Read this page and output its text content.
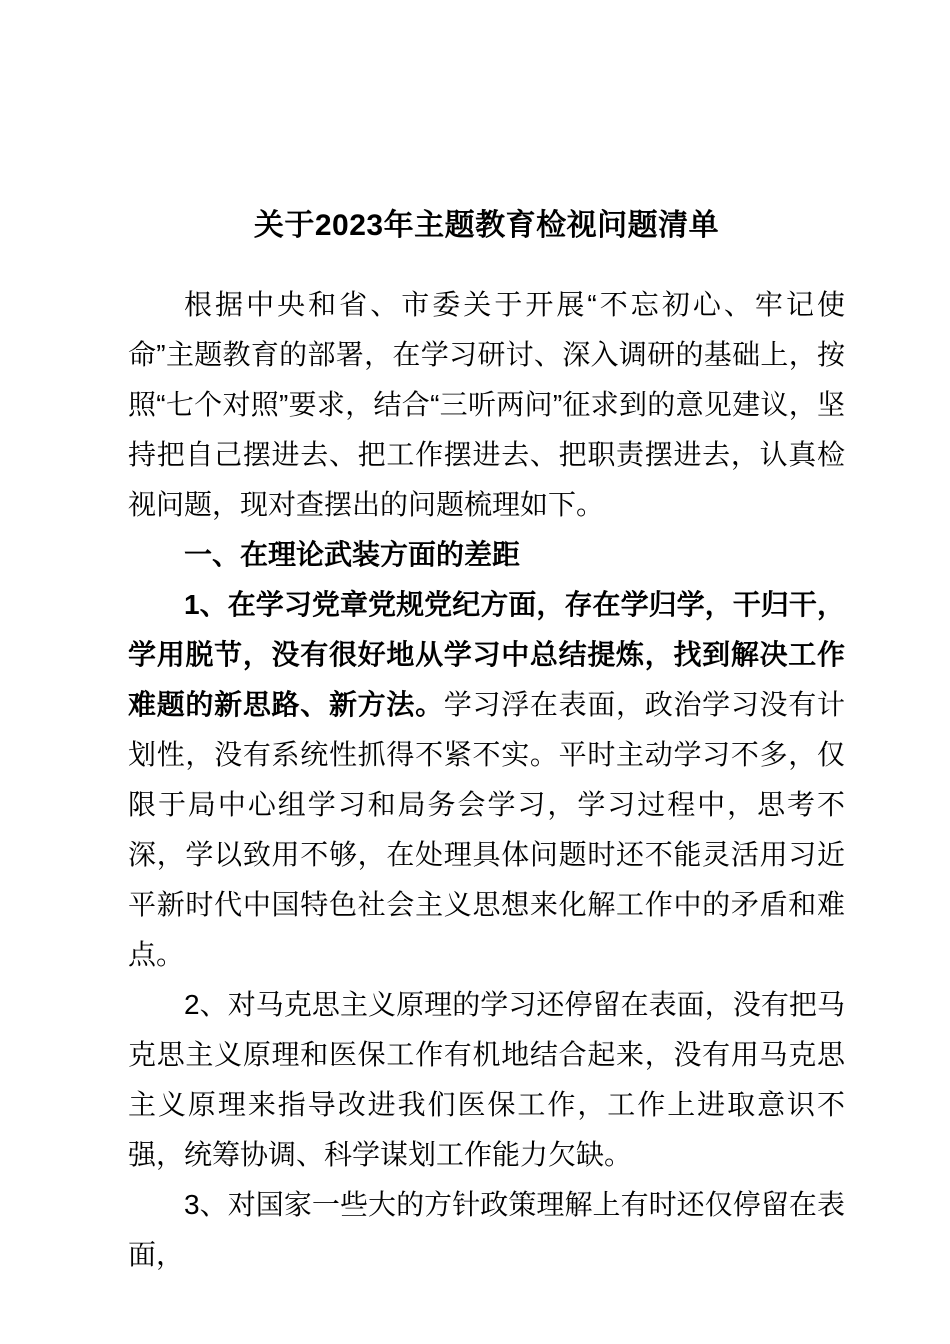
关于2023年主题教育检视问题清单

根据中央和省、市委关于开展“不忘初心、牢记使命”主题教育的部署，在学习研讨、深入调研的基础上，按照“七个对照”要求，结合“三听两问”征求到的意见建议，坚持把自己摆进去、把工作摆进去、把职责摆进去，认真检视问题，现对查摆出的问题梳理如下。

一、在理论武装方面的差距

1、在学习党章党规党纪方面，存在学归学，干归干，学用脱节，没有很好地从学习中总结提炼，找到解决工作难题的新思路、新方法。学习浮在表面，政治学习没有计划性，没有系统性抓得不紧不实。平时主动学习不多，仅限于局中心组学习和局务会学习，学习过程中，思考不深，学以致用不够，在处理具体问题时还不能灵活用习近平新时代中国特色社会主义思想来化解工作中的矛盾和难点。

2、对马克思主义原理的学习还停留在表面，没有把马克思主义原理和医保工作有机地结合起来，没有用马克思主义原理来指导改进我们医保工作，工作上进取意识不强，统筹协调、科学谋划工作能力欠缺。

3、对国家一些大的方针政策理解上有时还仅停留在表面，
